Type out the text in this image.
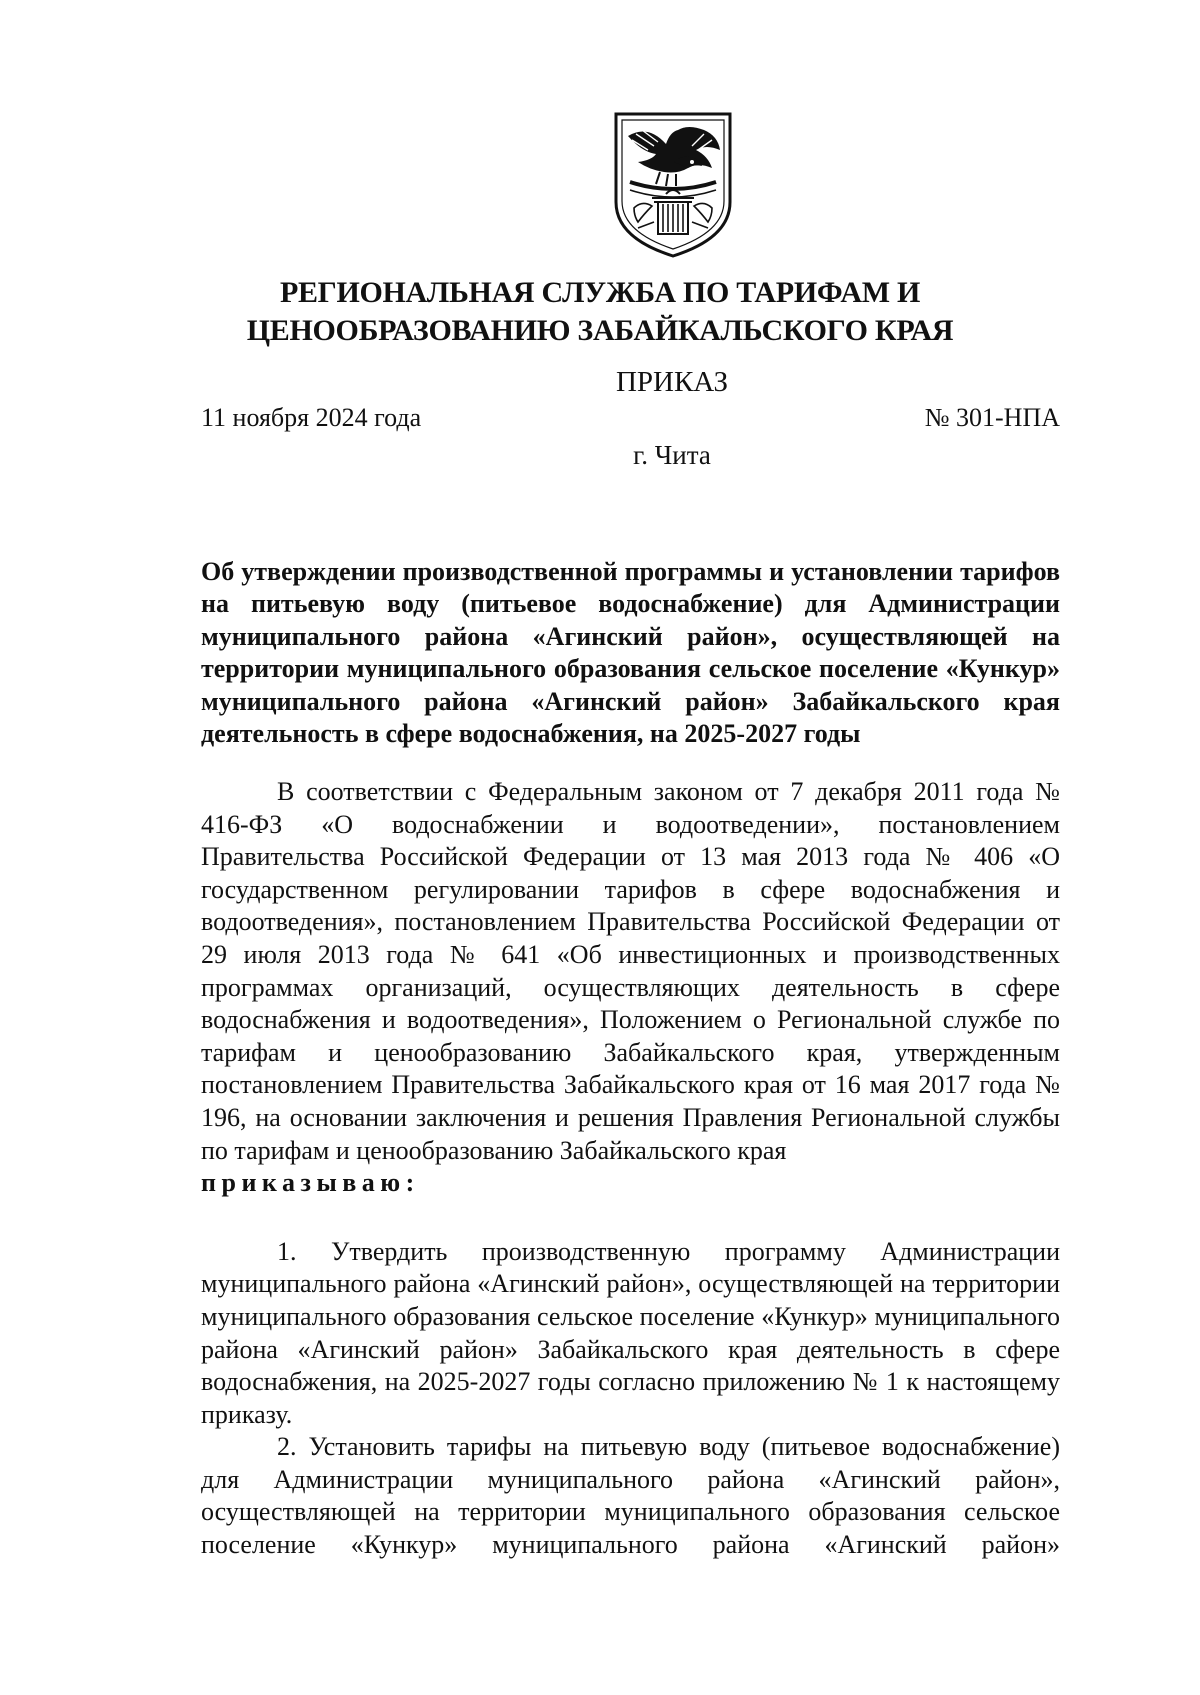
РЕГИОНАЛЬНАЯ СЛУЖБА ПО ТАРИФАМ И
ЦЕНООБРАЗОВАНИЮ ЗАБАЙКАЛЬСКОГО КРАЯ
ПРИКАЗ
11 ноября 2024 года	№ 301-НПА
г. Чита
Об утверждении производственной программы и установлении тарифов на питьевую воду (питьевое водоснабжение) для Администрации муниципального района «Агинский район», осуществляющей на территории муниципального образования сельское поселение «Кункур» муниципального района «Агинский район» Забайкальского края деятельность в сфере водоснабжения, на 2025-2027 годы

В соответствии с Федеральным законом от 7 декабря 2011 года № 416-ФЗ «О водоснабжении и водоотведении», постановлением Правительства Российской Федерации от 13 мая 2013 года № 406 «О государственном регулировании тарифов в сфере водоснабжения и водоотведения», постановлением Правительства Российской Федерации от 29 июля 2013 года № 641 «Об инвестиционных и производственных программах организаций, осуществляющих деятельность в сфере водоснабжения и водоотведения», Положением о Региональной службе по тарифам и ценообразованию Забайкальского края, утвержденным постановлением Правительства Забайкальского края от 16 мая 2017 года № 196, на основании заключения и решения Правления Региональной службы по тарифам и ценообразованию Забайкальского края

приказываю:

1. Утвердить производственную программу Администрации муниципального района «Агинский район», осуществляющей на территории муниципального образования сельское поселение «Кункур» муниципального района «Агинский район» Забайкальского края деятельность в сфере водоснабжения, на 2025-2027 годы согласно приложению № 1 к настоящему приказу.

2. Установить тарифы на питьевую воду (питьевое водоснабжение) для Администрации муниципального района «Агинский район», осуществляющей на территории муниципального образования сельское поселение «Кункур» муниципального района «Агинский район»
